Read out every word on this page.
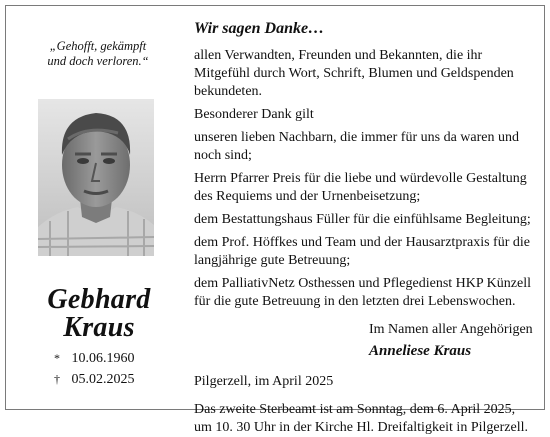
„Gehofft, gekämpft
und doch verloren.“
Gebhard
Kraus
* 10.06.1960
† 05.02.2025
Wir sagen Danke…

allen Verwandten, Freunden und Bekannten, die ihr Mitgefühl durch Wort, Schrift, Blumen und Geldspenden bekundeten.

Besonderer Dank gilt

unseren lieben Nachbarn, die immer für uns da waren und noch sind;

Herrn Pfarrer Preis für die liebe und würdevolle Gestaltung des Requiems und der Urnenbeisetzung;

dem Bestattungshaus Füller für die einfühlsame Begleitung;

dem Prof. Höffkes und Team und der Hausarztpraxis für die langjährige gute Betreuung;

dem PalliativNetz Osthessen und Pflegedienst HKP Künzell für die gute Betreuung in den letzten drei Lebenswochen.

Im Namen aller Angehörigen
Anneliese Kraus
Pilgerzell, im April 2025
Das zweite Sterbeamt ist am Sonntag, dem 6. April 2025, um 10. 30 Uhr in der Kirche Hl. Dreifaltigkeit in Pilgerzell.
